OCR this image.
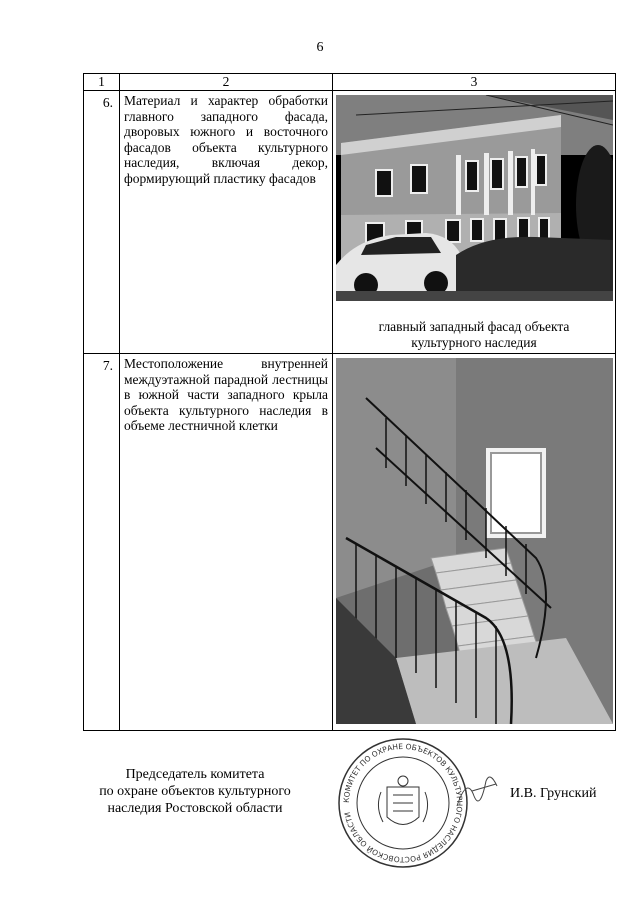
6
1	2	3
6.	Материал и характер обработки главного западного фасада, дворовых южного и восточного фасадов объекта культурного наследия, включая декор, формирующий пластику фасадов	главный западный фасад объекта культурного наследия

7.	Местоположение внутренней междуэтажной парадной лестницы в южной части западного крыла объекта культурного наследия в объеме лестничной клетки	
Председатель комитета
по охране объектов культурного
наследия Ростовской области
КОМИТЕТ ПО ОХРАНЕ ОБЪЕКТОВ КУЛЬТУРНОГО НАСЛЕДИЯ РОСТОВСКОЙ ОБЛАСТИ
И.В. Грунский
